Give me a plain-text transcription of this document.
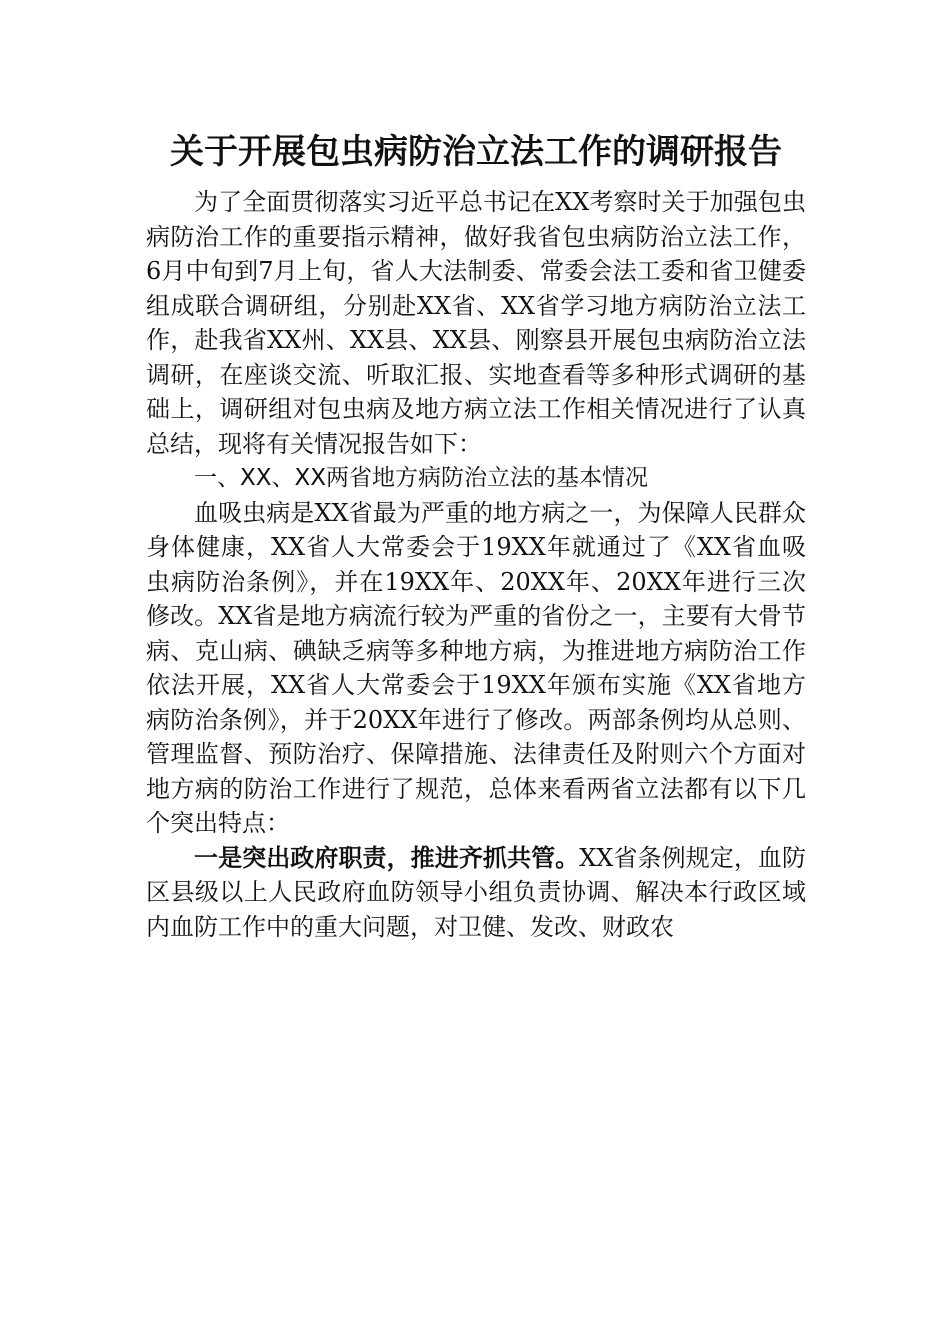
关于开展包虫病防治立法工作的调研报告

为了全面贯彻落实习近平总书记在XX考察时关于加强包虫病防治工作的重要指示精神，做好我省包虫病防治立法工作，6月中旬到7月上旬，省人大法制委、常委会法工委和省卫健委组成联合调研组，分别赴XX省、XX省学习地方病防治立法工作，赴我省XX州、XX县、XX县、刚察县开展包虫病防治立法调研，在座谈交流、听取汇报、实地查看等多种形式调研的基础上，调研组对包虫病及地方病立法工作相关情况进行了认真总结，现将有关情况报告如下：

一、XX、XX两省地方病防治立法的基本情况

血吸虫病是XX省最为严重的地方病之一，为保障人民群众身体健康，XX省人大常委会于19XX年就通过了《XX省血吸虫病防治条例》，并在19XX年、20XX年、20XX年进行三次修改。XX省是地方病流行较为严重的省份之一，主要有大骨节病、克山病、碘缺乏病等多种地方病，为推进地方病防治工作依法开展，XX省人大常委会于19XX年颁布实施《XX省地方病防治条例》，并于20XX年进行了修改。两部条例均从总则、管理监督、预防治疗、保障措施、法律责任及附则六个方面对地方病的防治工作进行了规范，总体来看两省立法都有以下几个突出特点：

一是突出政府职责，推进齐抓共管。XX省条例规定，血防区县级以上人民政府血防领导小组负责协调、解决本行政区域内血防工作中的重大问题，对卫健、发改、财政农
